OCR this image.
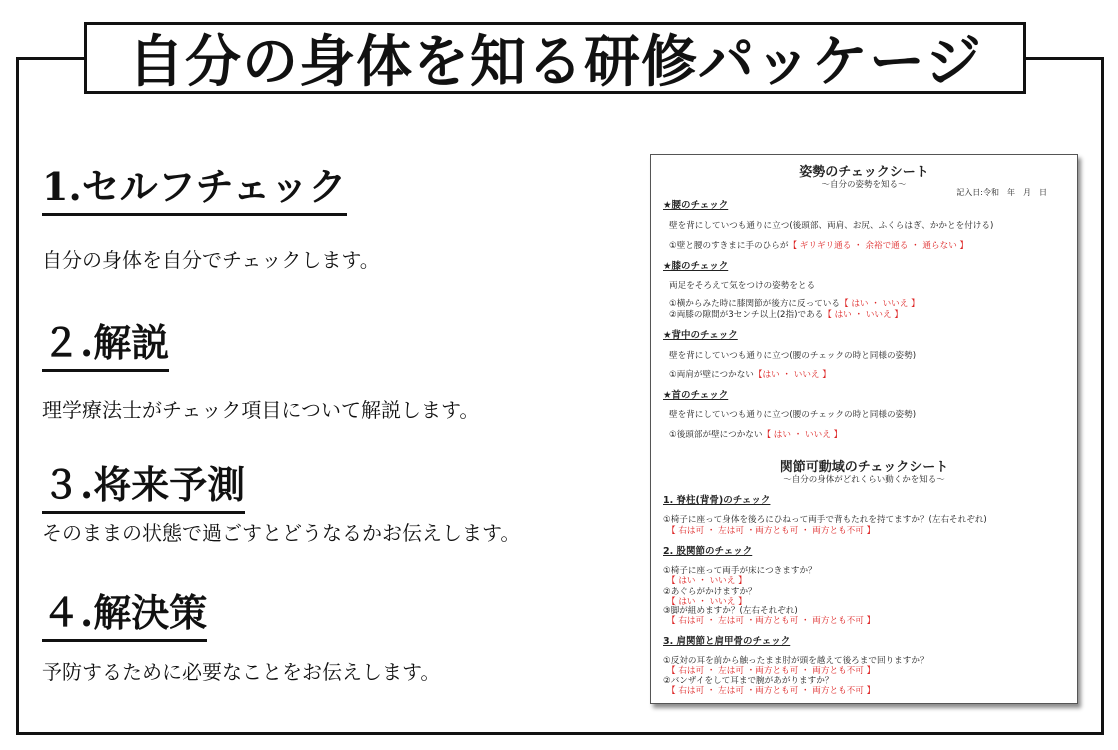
自分の身体を知る研修パッケージ
1.セルフチェック
自分の身体を自分でチェックします。
２.解説
理学療法士がチェック項目について解説します。
３.将来予測
そのままの状態で過ごすとどうなるかお伝えします。
４.解決策
予防するために必要なことをお伝えします。
姿勢のチェックシート
～自分の姿勢を知る～
記入日:令和　年　月　日
★腰のチェック
壁を背にしていつも通りに立つ(後頭部、両肩、お尻、ふくらはぎ、かかとを付ける)
①壁と腰のすきまに手のひらが【 ギリギリ通る ・ 余裕で通る ・ 通らない 】
★膝のチェック
両足をそろえて気をつけの姿勢をとる
①横からみた時に膝関節が後方に反っている【 はい ・ いいえ 】
②両膝の隙間が3センチ以上(2指)である【 はい ・ いいえ 】
★背中のチェック
壁を背にしていつも通りに立つ(腰のチェックの時と同様の姿勢)
①両肩が壁につかない【はい ・ いいえ 】
★首のチェック
壁を背にしていつも通りに立つ(腰のチェックの時と同様の姿勢)
①後頭部が壁につかない【 はい ・ いいえ 】
関節可動域のチェックシート
～自分の身体がどれくらい動くかを知る～
1. 脊柱(背骨)のチェック
①椅子に座って身体を後ろにひねって両手で背もたれを持てますか？(左右それぞれ)
【 右は可 ・ 左は可 ・両方とも可 ・ 両方とも不可 】
2. 股関節のチェック
①椅子に座って両手が床につきますか？
【 はい ・ いいえ 】
②あぐらがかけますか？
【 はい ・ いいえ 】
③脚が組めますか？(左右それぞれ)
【 右は可 ・ 左は可 ・両方とも可 ・ 両方とも不可 】
3. 肩関節と肩甲骨のチェック
①反対の耳を前から触ったまま肘が頭を越えて後ろまで回りますか？
【 右は可 ・ 左は可 ・両方とも可 ・ 両方とも不可 】
②バンザイをして耳まで腕があがりますか？
【 右は可 ・ 左は可 ・両方とも可 ・ 両方とも不可 】
